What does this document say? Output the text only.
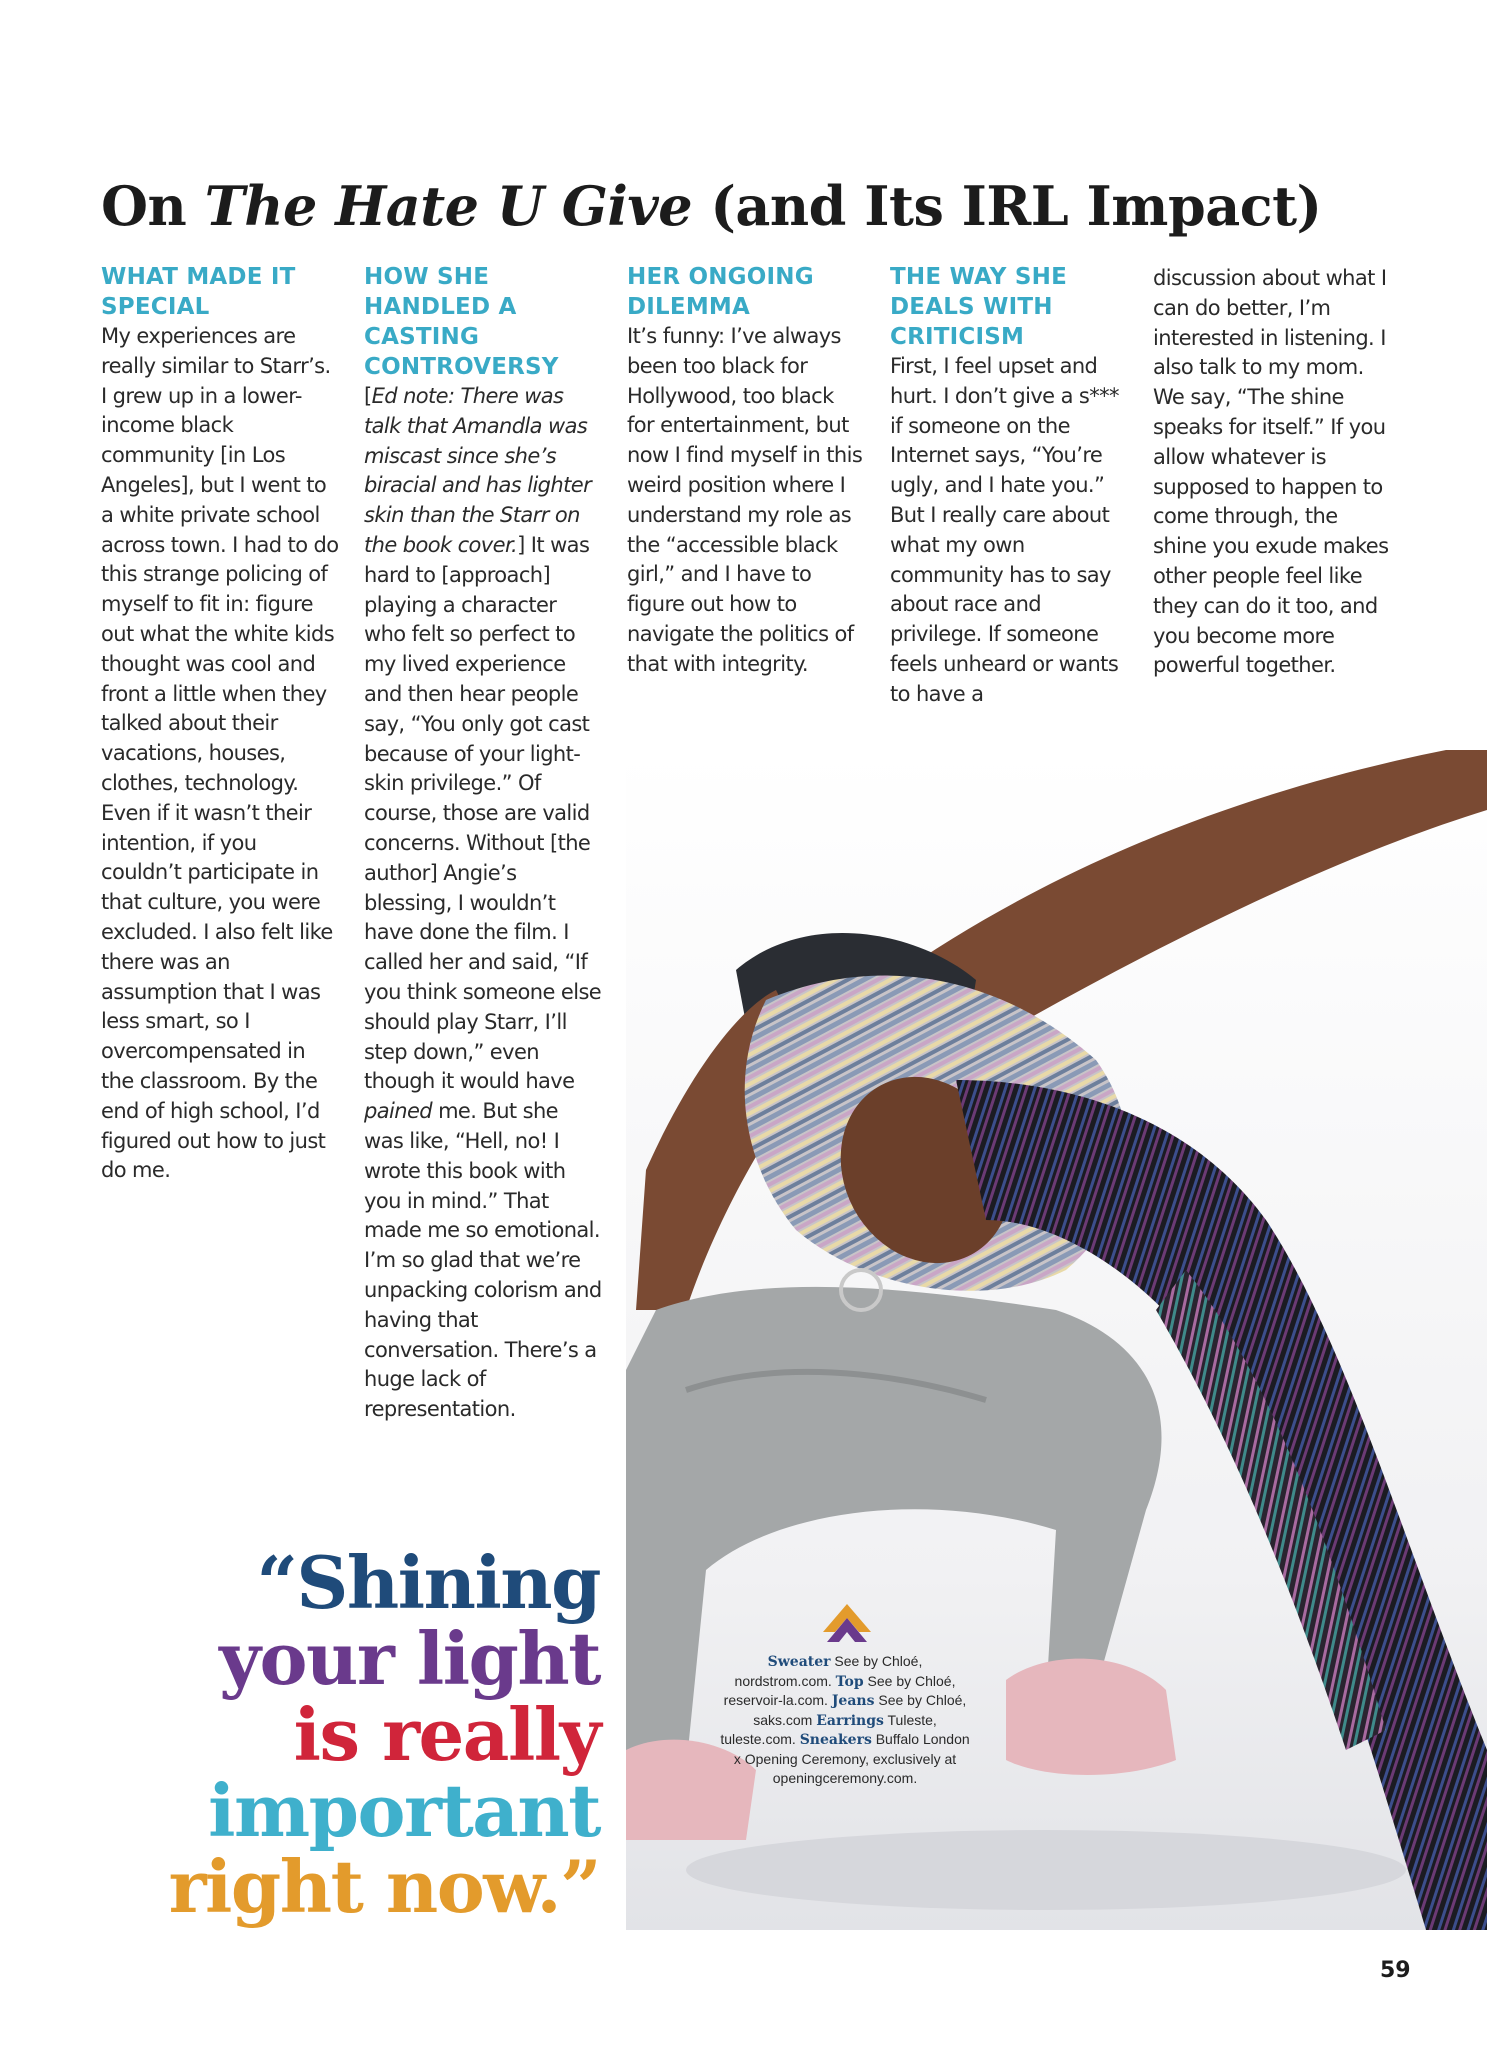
On The Hate U Give (and Its IRL Impact)
WHAT MADE IT SPECIAL

My experiences are really similar to Starr’s. I grew up in a lower-income black community [in Los Angeles], but I went to a white private school across town. I had to do this strange policing of myself to fit in: figure out what the white kids thought was cool and front a little when they talked about their vacations, houses, clothes, technology. Even if it wasn’t their intention, if you couldn’t participate in that culture, you were excluded. I also felt like there was an assumption that I was less smart, so I overcompensated in the classroom. By the end of high school, I’d figured out how to just do me.

HOW SHE HANDLED A CASTING CONTROVERSY

[Ed note: There was talk that Amandla was miscast since she’s biracial and has lighter skin than the Starr on the book cover.] It was hard to [approach] playing a character who felt so perfect to my lived experience and then hear people say, “You only got cast because of your light-skin privilege.” Of course, those are valid concerns. Without [the author] Angie’s blessing, I wouldn’t have done the film. I called her and said, “If you think someone else should play Starr, I’ll step down,” even though it would have pained me. But she was like, “Hell, no! I wrote this book with you in mind.” That made me so emotional. I’m so glad that we’re unpacking colorism and having that conversation. There’s a huge lack of representation.

HER ONGOING DILEMMA

It’s funny: I’ve always been too black for Hollywood, too black for entertainment, but now I find myself in this weird position where I understand my role as the “accessible black girl,” and I have to figure out how to navigate the politics of that with integrity.

THE WAY SHE DEALS WITH CRITICISM

First, I feel upset and hurt. I don’t give a s*** if someone on the Internet says, “You’re ugly, and I hate you.” But I really care about what my own community has to say about race and privilege. If someone feels unheard or wants to have a

discussion about what I can do better, I’m interested in listening. I also talk to my mom. We say, “The shine speaks for itself.” If you allow whatever is supposed to happen to come through, the shine you exude makes other people feel like they can do it too, and you become more powerful together.

Sweater See by Chloé, nordstrom.com. Top See by Chloé, reservoir-la.com. Jeans See by Chloé, saks.com Earrings Tuleste, tuleste.com. Sneakers Buffalo London x Opening Ceremony, exclusively at openingceremony.com.
“Shining
your light
is really
important
right now.”
59
